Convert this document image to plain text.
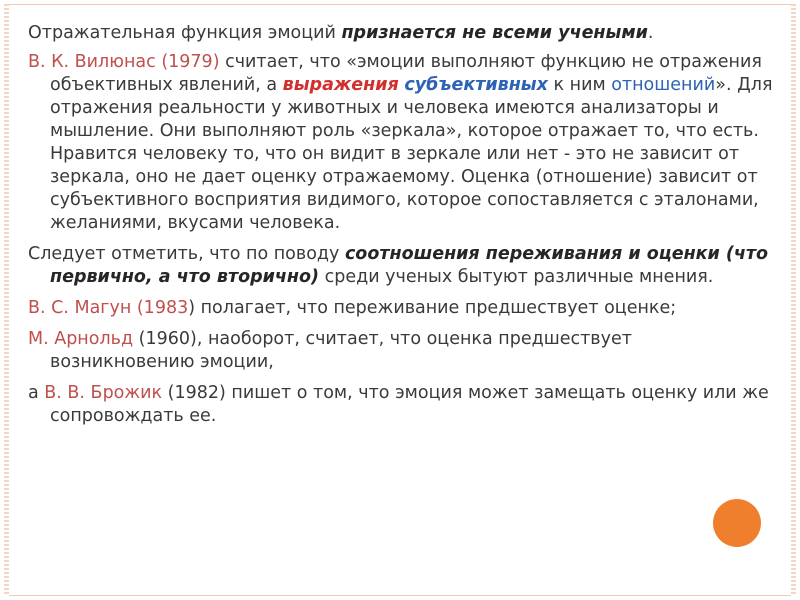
Отражательная функция эмоций признается не всеми учеными.

В. К. Вилюнас (1979) считает, что «эмоции выполняют функцию не отражения объективных явлений, а выражения субъективных к ним отношений». Для отражения реальности у животных и человека имеются анализаторы и мышление. Они выполняют роль «зеркала», которое отражает то, что есть. Нравится человеку то, что он видит в зеркале или нет - это не зависит от зеркала, оно не дает оценку отражаемому. Оценка (отношение) зависит от субъективного восприятия видимого, которое сопоставляется с эталонами, желаниями, вкусами человека.

Следует отметить, что по поводу соотношения переживания и оценки (что первично, а что вторично) среди ученых бытуют различные мнения.

В. С. Магун (1983) полагает, что переживание предшествует оценке;

М. Арнольд (1960), наоборот, считает, что оценка предшествует возникновению эмоции,

а В. В. Брожик (1982) пишет о том, что эмоция может замещать оценку или же сопровождать ее.
